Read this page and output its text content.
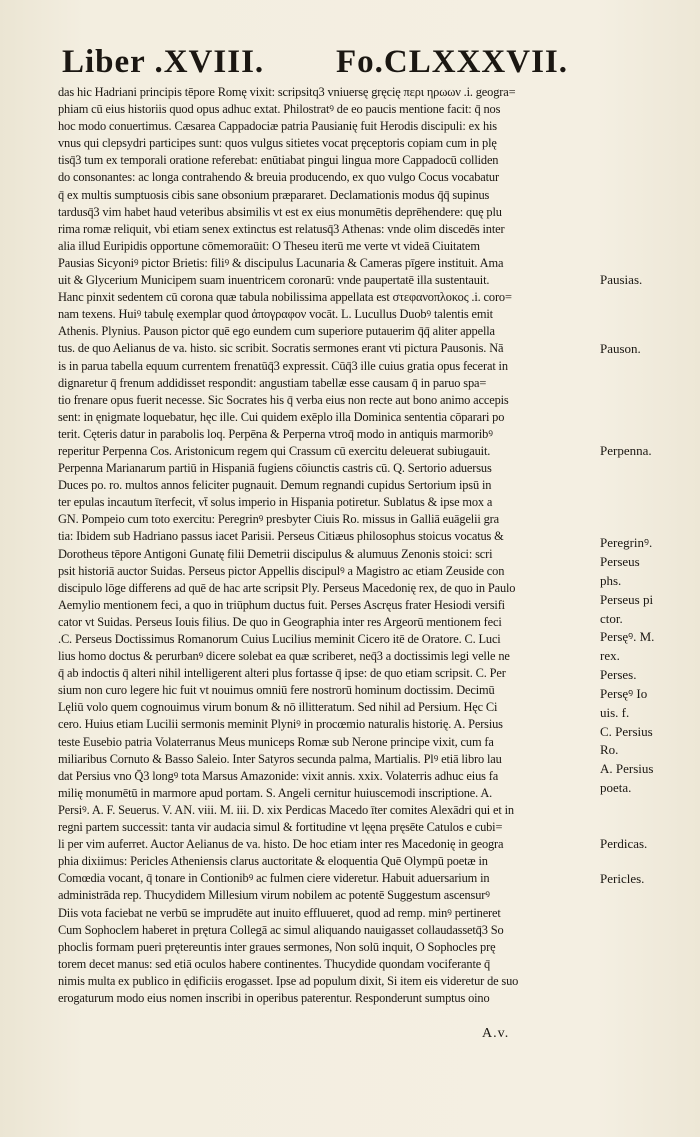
Liber .XVIII. Fo.CLXXXVII.
das hic Hadriani principis tēpore Romę vixit: scripsitq3 vniuersę gręcię περι ηρωων .i. geogra=
phiam cū eius historiis quod opus adhuc extat. Philostratꝰ de eo paucis mentione facit: q̄ nos
hoc modo conuertimus. Cæsarea Cappadociæ patria Pausianię fuit Herodis discipuli: ex his
vnus qui clepsydri participes sunt: quos vulgus sitietes vocat pręceptoris copiam cum in plę
tisq̄3 tum ex temporali oratione referebat: enūtiabat pingui lingua more Cappadocū colliden
do consonantes: ac longa contrahendo & breuia producendo, ex quo vulgo Cocus vocabatur
q̄ ex multis sumptuosis cibis sane obsonium præpararet. Declamationis modus q̄q̄ supinus
tardusq̄3 vim habet haud veteribus absimilis vt est ex eius monumētis deprēhendere: quę plu
rima romæ reliquit, vbi etiam senex extinctus est relatusq̄3 Athenas: vnde olim discedēs inter
alia illud Euripidis opportune cōmemoraūit: O Theseu iterū me verte vt videā Ciuitatem
Pausias Sicyoniꝰ pictor Brietis: filiꝰ & discipulus Lacunaria & Cameras pīgere instituit. Ama
uit & Glycerium Municipem suam inuentricem coronarū: vnde paupertatē illa sustentauit.
Hanc pinxit sedentem cū corona quæ tabula nobilissima appellata est στεφανοπλοκος .i. coro=
nam texens. Huiꝰ tabulę exemplar quod ἀπογραφον vocāt. L. Lucullus Duobꝰ talentis emit
Athenis. Plynius. Pauson pictor quē ego eundem cum superiore putauerim q̄q̄ aliter appella
tus. de quo Aelianus de va. histo. sic scribit. Socratis sermones erant vti pictura Pausonis. Nā
is in parua tabella equum currentem frenatūq̄3 expressit. Cūq̄3 ille cuius gratia opus fecerat in
dignaretur q̄ frenum addidisset respondit: angustiam tabellæ esse causam q̄ in paruo spa=
tio frenare opus fuerit necesse. Sic Socrates his q̄ verba eius non recte aut bono animo accepis
sent: in ęnigmate loquebatur, hęc ille. Cui quidem exēplo illa Dominica sententia cōparari po
terit. Cęteris datur in parabolis loq. Perpēna & Perperna vtroq̄ modo in antiquis marmoribꝰ
reperitur Perpenna Cos. Aristonicum regem qui Crassum cū exercitu deleuerat subiugauit.
Perpenna Marianarum partiū in Hispaniā fugiens cōiunctis castris cū. Q. Sertorio aduersus
Duces po. ro. multos annos feliciter pugnauit. Demum regnandi cupidus Sertorium ipsū in
ter epulas incautum īterfecit, vt̄ solus imperio in Hispania potiretur. Sublatus & ipse mox a
GN. Pompeio cum toto exercitu: Peregrinꝰ presbyter Ciuis Ro. missus in Galliā euāgelii gra
tia: Ibidem sub Hadriano passus iacet Parisii. Perseus Citiæus philosophus stoicus vocatus &
Dorotheus tēpore Antigoni Gunatę filii Demetrii discipulus & alumuus Zenonis stoici: scri
psit historiā auctor Suidas. Perseus pictor Appellis discipulꝰ a Magistro ac etiam Zeuside con
discipulo lōge differens ad quē de hac arte scripsit Ply. Perseus Macedonię rex, de quo in Paulo
Aemylio mentionem feci, a quo in triūphum ductus fuit. Perses Ascręus frater Hesiodi versifi
cator vt Suidas. Perseus Iouis filius. De quo in Geographia inter res Argeorū mentionem feci
.C. Perseus Doctissimus Romanorum Cuius Lucilius meminit Cicero itē de Oratore. C. Luci
lius homo doctus & perurbanꝰ dicere solebat ea quæ scriberet, neq̄3 a doctissimis legi velle ne
q̄ ab indoctis q̄ alteri nihil intelligerent alteri plus fortasse q̄ ipse: de quo etiam scripsit. C. Per
sium non curo legere hic fuit vt nouimus omniū fere nostrorū hominum doctissim. Decimū
Lęliū volo quem cognouimus virum bonum & nō illitteratum. Sed nihil ad Persium. Hęc Ci
cero. Huius etiam Lucilii sermonis meminit Plyniꝰ in procœmio naturalis historię. A. Persius
teste Eusebio patria Volaterranus Meus municeps Romæ sub Nerone principe vixit, cum fa
miliaribus Cornuto & Basso Saleio. Inter Satyros secunda palma, Martialis. Plꝰ etiā libro lau
dat Persius vno Q̄3 longꝰ tota Marsus Amazonide: vixit annis. xxix. Volaterris adhuc eius fa
milię monumētū in marmore apud portam. S. Angeli cernitur huiuscemodi inscriptione. A.
Persiꝰ. A. F. Seuerus. V. AN. viii. M. iii. D. xix Perdicas Macedo īter comites Alexādri qui et in
regni partem successit: tanta vir audacia simul & fortitudine vt lęęna pręsēte Catulos e cubi=
li per vim auferret. Auctor Aelianus de va. histo. De hoc etiam inter res Macedonię in geogra
phia dixiimus: Pericles Atheniensis clarus auctoritate & eloquentia Quē Olympū poetæ in
Comœdia vocant, q̄ tonare in Contionibꝰ ac fulmen ciere videretur. Habuit aduersarium in
administrāda rep. Thucydidem Millesium virum nobilem ac potentē Suggestum ascensurꝰ
Diis vota faciebat ne verbū se imprudēte aut inuito effluueret, quod ad remp. minꝰ pertineret
Cum Sophoclem haberet in prętura Collegā ac simul aliquando nauigasset collaudassetq̄3 So
phoclis formam pueri prętereuntis inter graues sermones, Non solū inquit, O Sophocles prę
torem decet manus: sed etiā oculos habere continentes. Thucydide quondam vociferante q̄
nimis multa ex publico in ędificiis erogasset. Ipse ad populum dixit, Si item eis videretur de suo
erogaturum modo eius nomen inscribi in operibus paterentur. Responderunt sumptus oino
Pausias.
Pauson.
Perpenna.
Peregrinꝰ.
Perseus
phs.
Perseus pi
ctor.
Persęꝰ. M.
rex.
Perses.
Persęꝰ Io
uis. f.
C. Persius
Ro.
A. Persius
poeta.
Perdicas.
Pericles.
A.v.
